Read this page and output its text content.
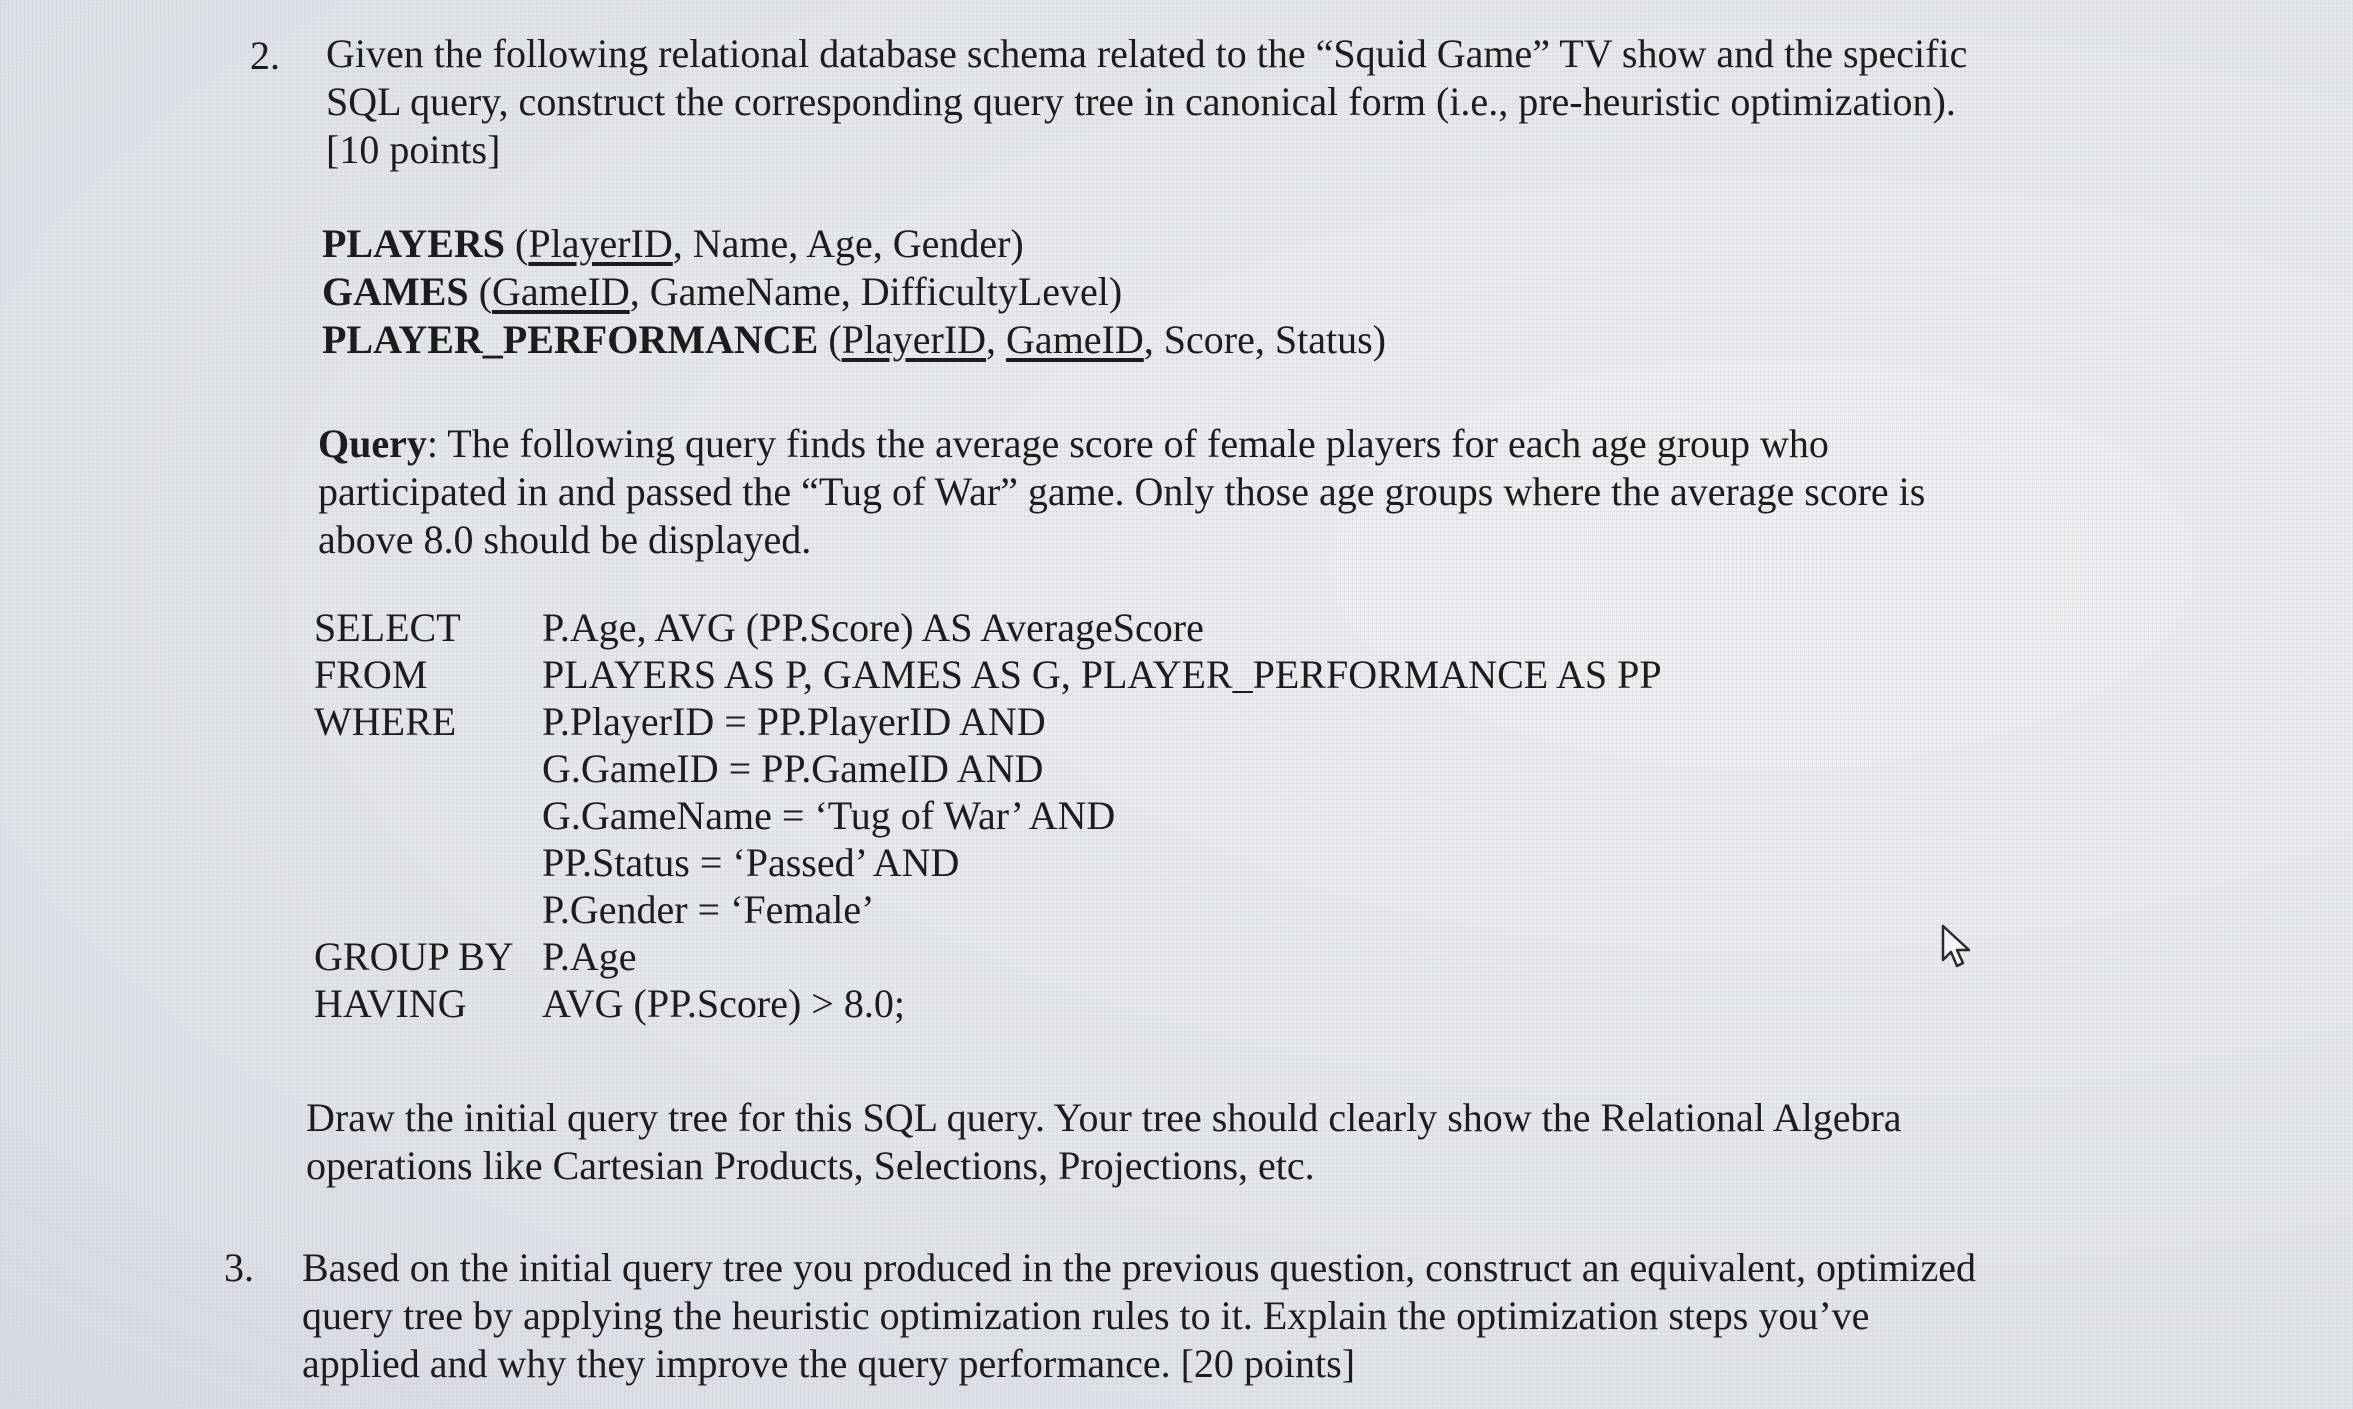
2. Given the following relational database schema related to the “Squid Game” TV show and the specific
SQL query, construct the corresponding query tree in canonical form (i.e., pre-heuristic optimization).
[10 points]
PLAYERS (PlayerID, Name, Age, Gender)
GAMES (GameID, GameName, DifficultyLevel)
PLAYER_PERFORMANCE (PlayerID, GameID, Score, Status)
Query: The following query finds the average score of female players for each age group who
participated in and passed the “Tug of War” game. Only those age groups where the average score is
above 8.0 should be displayed.
SELECT	P.Age, AVG (PP.Score) AS AverageScore
FROM	PLAYERS AS P, GAMES AS G, PLAYER_PERFORMANCE AS PP
WHERE	P.PlayerID = PP.PlayerID AND
G.GameID = PP.GameID AND
G.GameName = ‘Tug of War’ AND
PP.Status = ‘Passed’ AND
P.Gender = ‘Female’
GROUP BY P.Age
HAVING	AVG (PP.Score) > 8.0;
Draw the initial query tree for this SQL query. Your tree should clearly show the Relational Algebra
operations like Cartesian Products, Selections, Projections, etc.
3. Based on the initial query tree you produced in the previous question, construct an equivalent, optimized
query tree by applying the heuristic optimization rules to it. Explain the optimization steps you’ve
applied and why they improve the query performance. [20 points]
